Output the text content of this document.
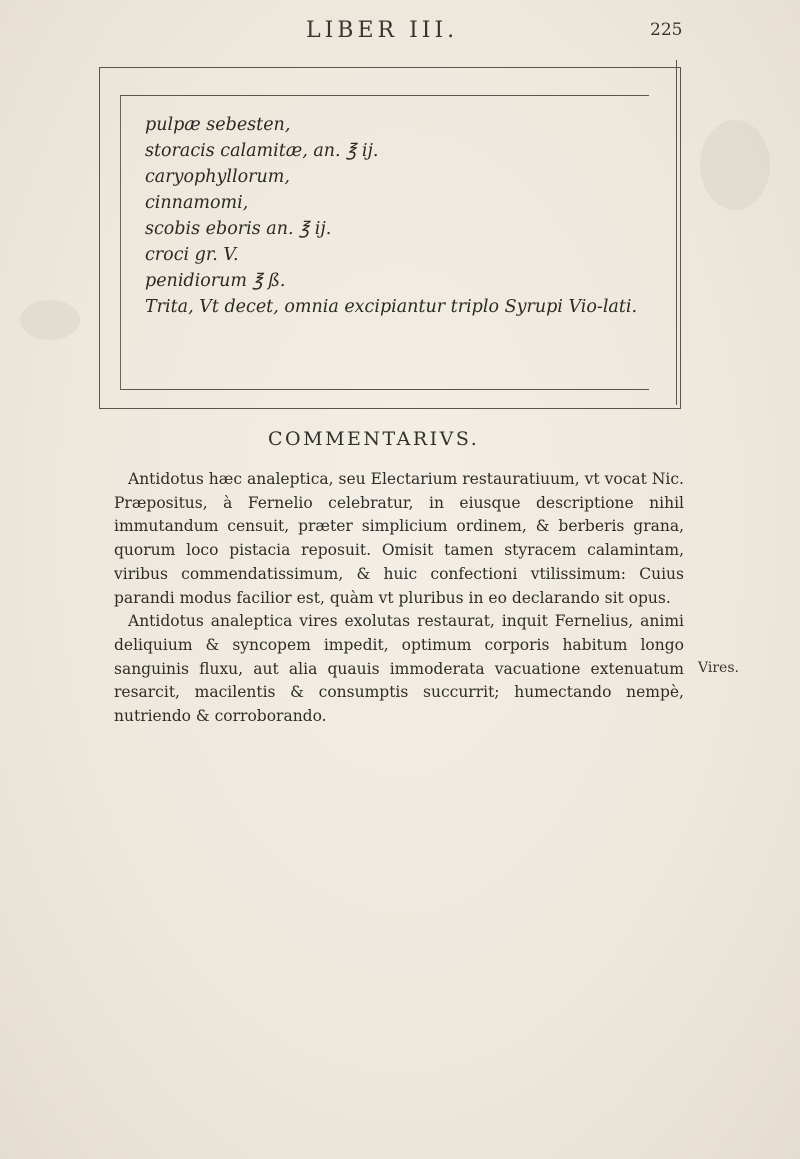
LIBER III.	225
pulpæ sebesten,
storacis calamitæ, an. ℥ ij.
caryophyllorum,
cinnamomi,
scobis eboris an. ℥ ij.
croci gr. V.
penidiorum ℥ ß.
Trita, Vt decet, omnia excipiantur triplo Syrupi Vio-lati.
COMMENTARIVS.

Antidotus hæc analeptica, seu Electarium restauratiuum, vt vocat Nic. Præpositus, à Fernelio celebratur, in eiusque descriptione nihil immutandum censuit, præter simplicium ordinem, & berberis grana, quorum loco pistacia reposuit. Omisit tamen styracem calamintam, viribus commendatissimum, & huic confectioni vtilissimum: Cuius parandi modus facilior est, quàm vt pluribus in eo declarando sit opus.

Antidotus analeptica vires exolutas restaurat, inquit Fernelius, animi deliquium & syncopem impedit, optimum corporis habitum longo sanguinis fluxu, aut alia quauis immoderata vacuatione extenuatum resarcit, macilentis & consumptis succurrit; humectando nempè, nutriendo & corroborando.

Vires.
